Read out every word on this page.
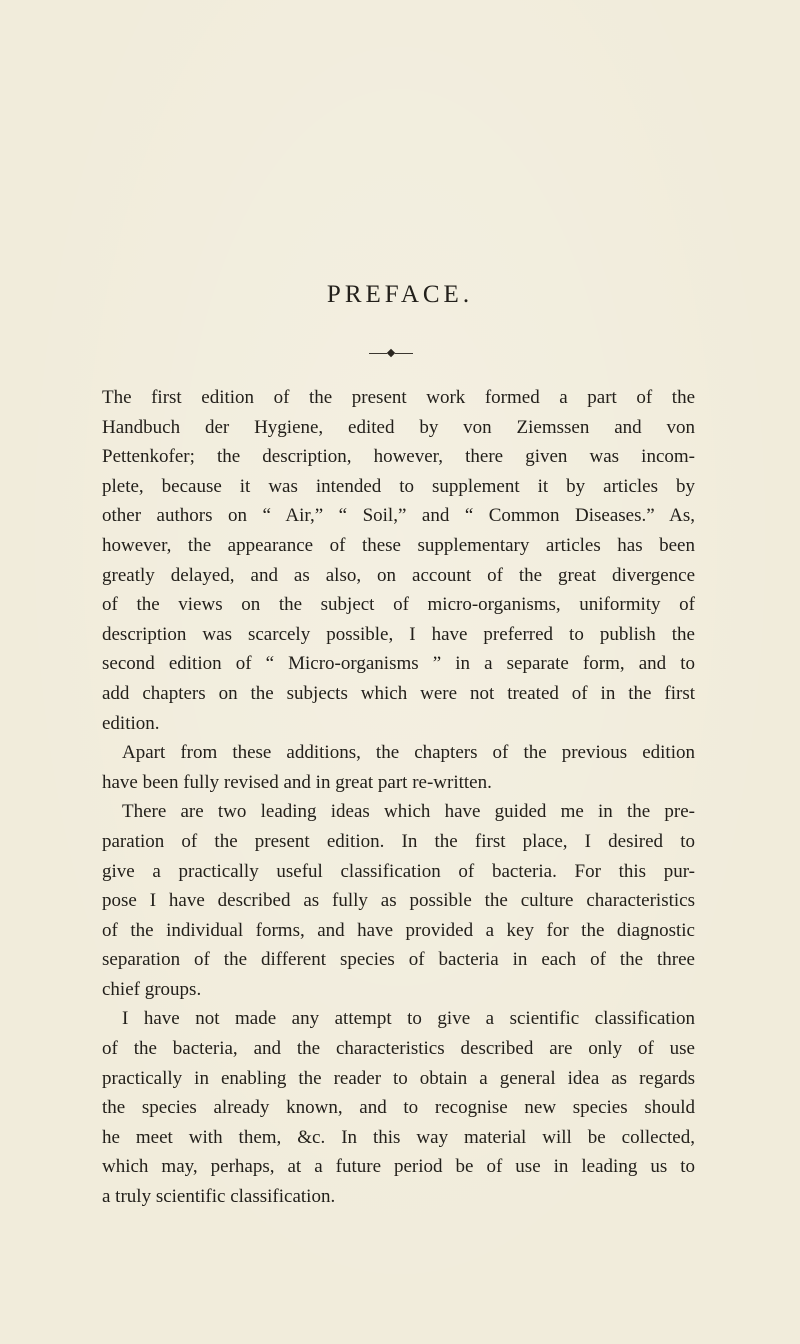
PREFACE.
The first edition of the present work formed a part of the
Handbuch der Hygiene, edited by von Ziemssen and von
Pettenkofer; the description, however, there given was incom-
plete, because it was intended to supplement it by articles by
other authors on “ Air,” “ Soil,” and “ Common Diseases.” As,
however, the appearance of these supplementary articles has been
greatly delayed, and as also, on account of the great divergence
of the views on the subject of micro-organisms, uniformity of
description was scarcely possible, I have preferred to publish the
second edition of “ Micro-organisms ” in a separate form, and to
add chapters on the subjects which were not treated of in the first
edition.
Apart from these additions, the chapters of the previous edition
have been fully revised and in great part re-written.
There are two leading ideas which have guided me in the pre-
paration of the present edition. In the first place, I desired to
give a practically useful classification of bacteria. For this pur-
pose I have described as fully as possible the culture characteristics
of the individual forms, and have provided a key for the diagnostic
separation of the different species of bacteria in each of the three
chief groups.
I have not made any attempt to give a scientific classification
of the bacteria, and the characteristics described are only of use
practically in enabling the reader to obtain a general idea as regards
the species already known, and to recognise new species should
he meet with them, &c. In this way material will be collected,
which may, perhaps, at a future period be of use in leading us to
a truly scientific classification.
